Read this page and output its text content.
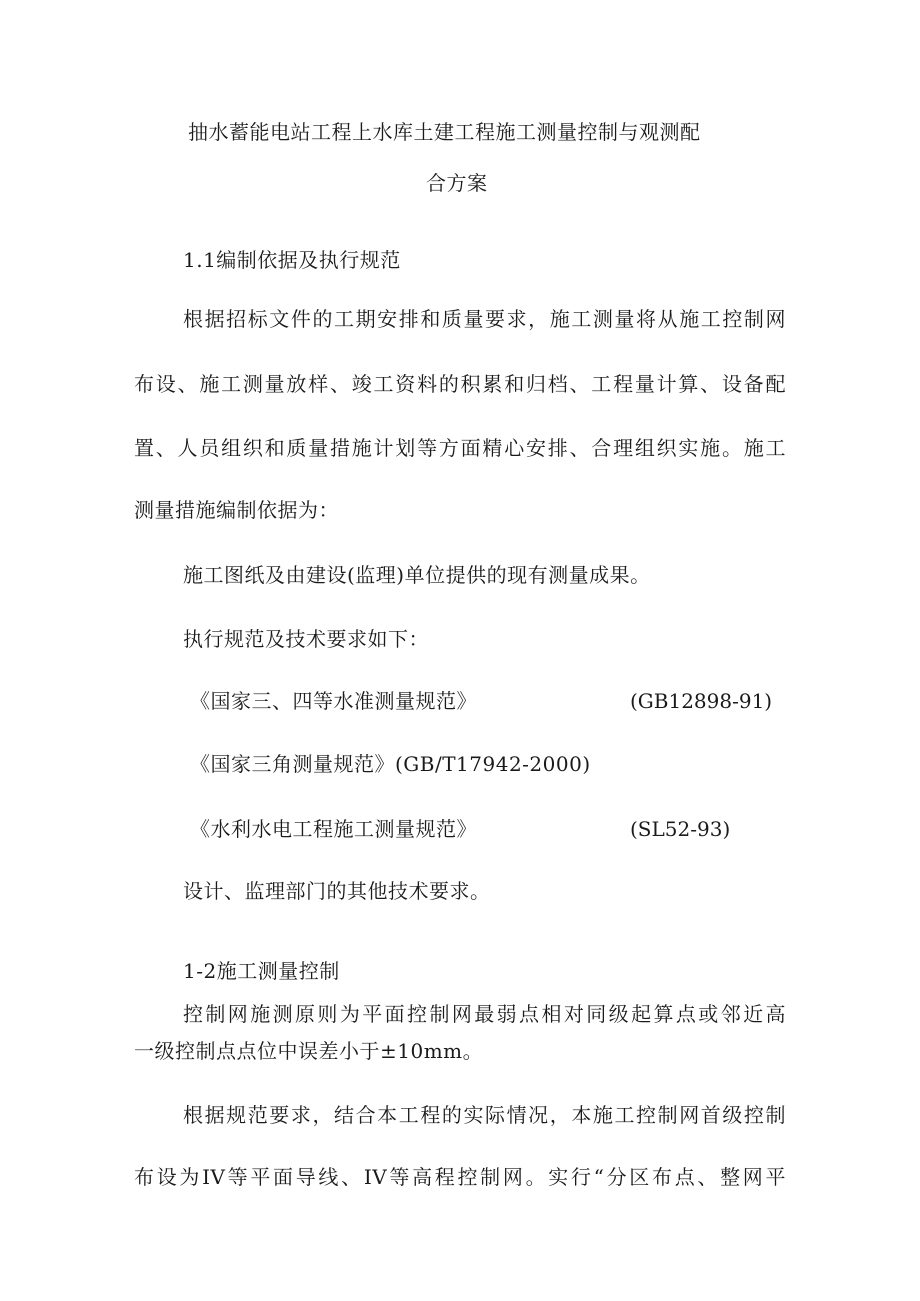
抽水蓄能电站工程上水库土建工程施工测量控制与观测配
合方案
1.1编制依据及执行规范
根据招标文件的工期安排和质量要求，施工测量将从施工控制网
布设、施工测量放样、竣工资料的积累和归档、工程量计算、设备配
置、人员组织和质量措施计划等方面精心安排、合理组织实施。施工
测量措施编制依据为：
施工图纸及由建设(监理)单位提供的现有测量成果。
执行规范及技术要求如下：
《国家三、四等水准测量规范》	(GB12898-91)
《国家三角测量规范》(GB/T17942-2000)
《水利水电工程施工测量规范》	(SL52-93)
设计、监理部门的其他技术要求。
1-2施工测量控制
控制网施测原则为平面控制网最弱点相对同级起算点或邻近高
一级控制点点位中误差小于±10mm。
根据规范要求，结合本工程的实际情况，本施工控制网首级控制
布设为IV等平面导线、IV等高程控制网。实行“分区布点、整网平
